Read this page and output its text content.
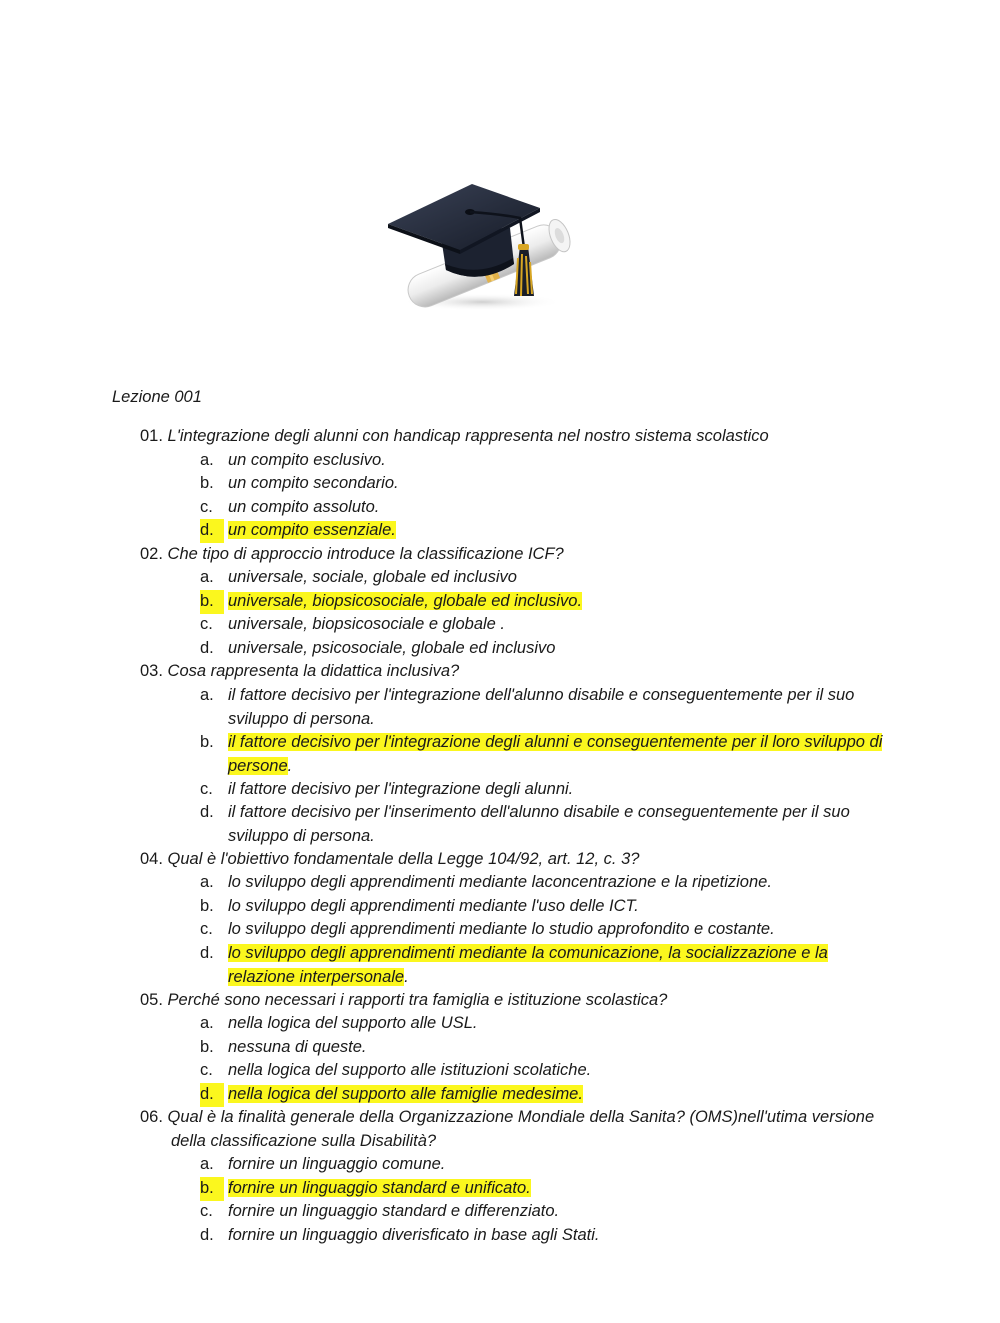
Lezione 001
01. L'integrazione degli alunni con handicap rappresenta nel nostro sistema scolastico
a. un compito esclusivo.
b. un compito secondario.
c. un compito assoluto.
d. un compito essenziale.
02. Che tipo di approccio introduce la classificazione ICF?
a. universale, sociale, globale ed inclusivo
b. universale, biopsicosociale, globale ed inclusivo.
c. universale, biopsicosociale e globale .
d. universale, psicosociale, globale ed inclusivo
03. Cosa rappresenta la didattica inclusiva?
a. il fattore decisivo per l'integrazione dell'alunno disabile e conseguentemente per il suo sviluppo di persona.
b. il fattore decisivo per l'integrazione degli alunni e conseguentemente per il loro sviluppo di persone.
c. il fattore decisivo per l'integrazione degli alunni.
d. il fattore decisivo per l'inserimento dell'alunno disabile e conseguentemente per il suo sviluppo di persona.
04. Qual è l'obiettivo fondamentale della Legge 104/92, art. 12, c. 3?
a. lo sviluppo degli apprendimenti mediante laconcentrazione e la ripetizione.
b. lo sviluppo degli apprendimenti mediante l'uso delle ICT.
c. lo sviluppo degli apprendimenti mediante lo studio approfondito e costante.
d. lo sviluppo degli apprendimenti mediante la comunicazione, la socializzazione e la relazione interpersonale.
05. Perché sono necessari i rapporti tra famiglia e istituzione scolastica?
a. nella logica del supporto alle USL.
b. nessuna di queste.
c. nella logica del supporto alle istituzioni scolatiche.
d. nella logica del supporto alle famiglie medesime.
06. Qual è la finalità generale della Organizzazione Mondiale della Sanita? (OMS)nell'utima versione della classificazione sulla Disabilità?
a. fornire un linguaggio comune.
b. fornire un linguaggio standard e unificato.
c. fornire un linguaggio standard e differenziato.
d. fornire un linguaggio diverisficato in base agli Stati.
